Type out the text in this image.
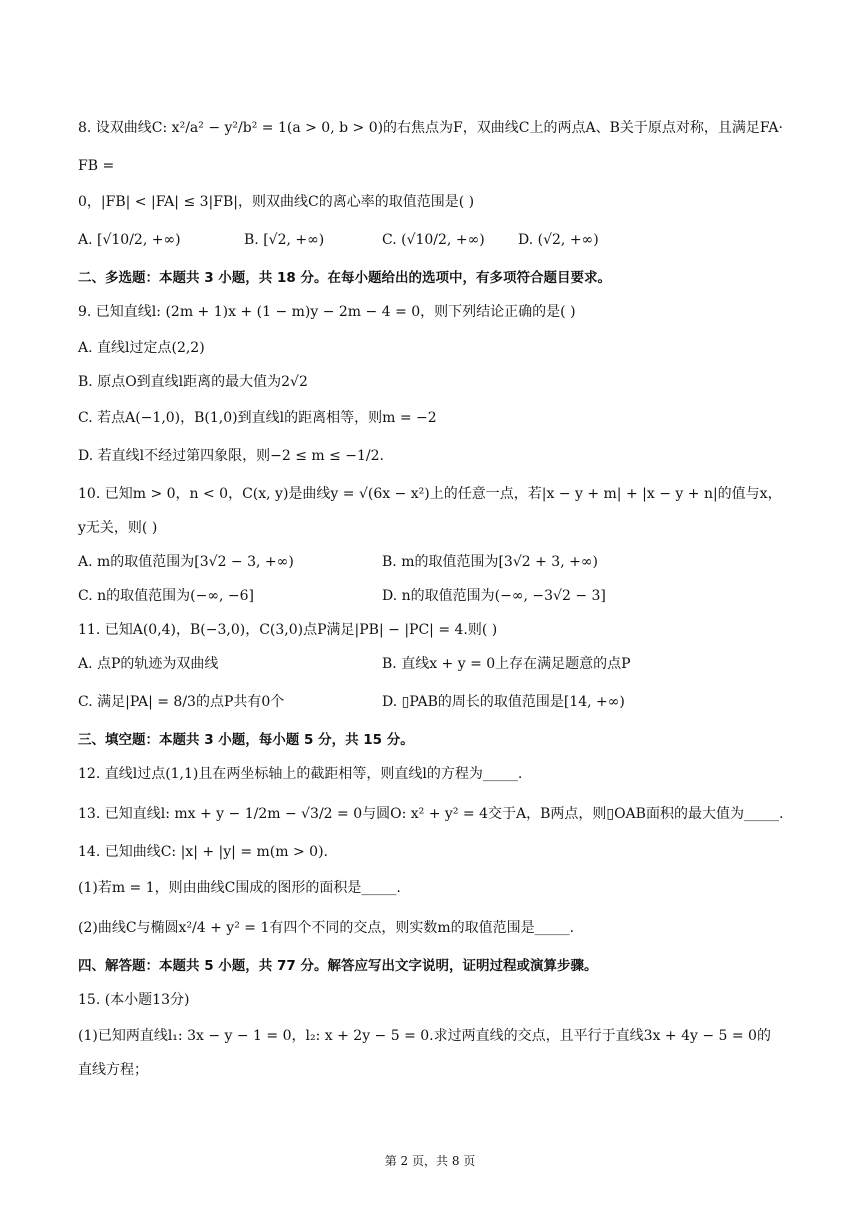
8. 设双曲线C: x²/a² − y²/b² = 1(a > 0, b > 0)的右焦点为F，双曲线C上的两点A、B关于原点对称，且满足FA·
FB =
0，|FB| < |FA| ≤ 3|FB|，则双曲线C的离心率的取值范围是( )
A. [√10/2, +∞)	B. [√2, +∞)	C. (√10/2, +∞) D. (√2, +∞)
二、多选题：本题共 3 小题，共 18 分。在每小题给出的选项中，有多项符合题目要求。
9. 已知直线l: (2m + 1)x + (1 − m)y − 2m − 4 = 0，则下列结论正确的是( )
A. 直线l过定点(2,2)
B. 原点O到直线l距离的最大值为2√2
C. 若点A(−1,0)，B(1,0)到直线l的距离相等，则m = −2
D. 若直线l不经过第四象限，则−2 ≤ m ≤ −1/2.
10. 已知m > 0，n < 0，C(x, y)是曲线y = √(6x − x²)上的任意一点，若|x − y + m| + |x − y + n|的值与x，
y无关，则( )
A. m的取值范围为[3√2 − 3, +∞)	B. m的取值范围为[3√2 + 3, +∞)
C. n的取值范围为(−∞, −6]	D. n的取值范围为(−∞, −3√2 − 3]
11. 已知A(0,4)，B(−3,0)，C(3,0)点P满足|PB| − |PC| = 4.则( )
A. 点P的轨迹为双曲线	B. 直线x + y = 0上存在满足题意的点P
C. 满足|PA| = 8/3的点P共有0个	D. ▯PAB的周长的取值范围是[14, +∞)
三、填空题：本题共 3 小题，每小题 5 分，共 15 分。
12. 直线l过点(1,1)且在两坐标轴上的截距相等，则直线l的方程为_____.
13. 已知直线l: mx + y − 1/2m − √3/2 = 0与圆O: x² + y² = 4交于A，B两点，则▯OAB面积的最大值为_____.
14. 已知曲线C: |x| + |y| = m(m > 0).
(1)若m = 1，则由曲线C围成的图形的面积是_____.
(2)曲线C与椭圆x²/4 + y² = 1有四个不同的交点，则实数m的取值范围是_____.
四、解答题：本题共 5 小题，共 77 分。解答应写出文字说明，证明过程或演算步骤。
15. (本小题13分)
(1)已知两直线l₁: 3x − y − 1 = 0，l₂: x + 2y − 5 = 0.求过两直线的交点，且平行于直线3x + 4y − 5 = 0的
直线方程；
第 2 页，共 8 页
